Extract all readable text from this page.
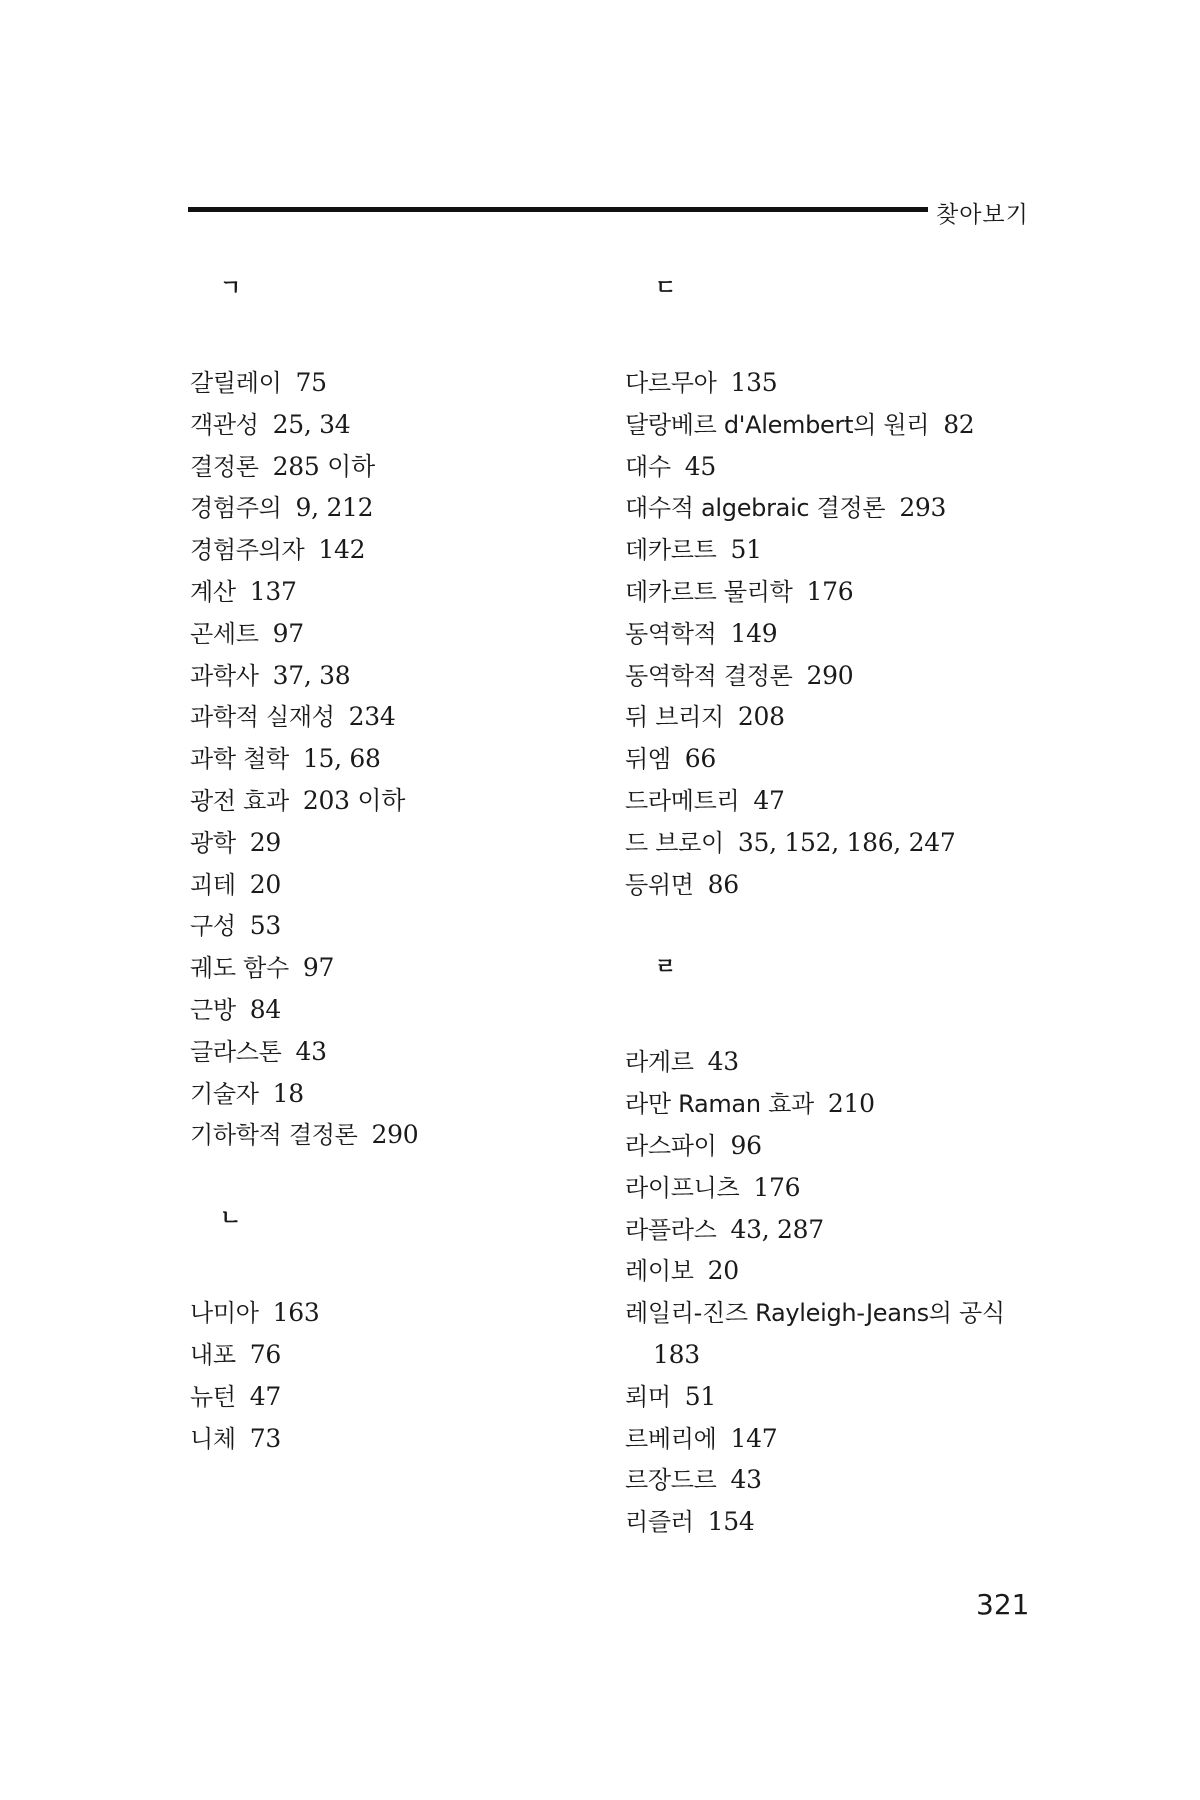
찾아보기
ㄱ
갈릴레이 75
객관성 25, 34
결정론 285 이하
경험주의 9, 212
경험주의자 142
계산 137
곤세트 97
과학사 37, 38
과학적 실재성 234
과학 철학 15, 68
광전 효과 203 이하
광학 29
괴테 20
구성 53
궤도 함수 97
근방 84
글라스톤 43
기술자 18
기하학적 결정론 290
ㄴ
나미아 163
내포 76
뉴턴 47
니체 73
ㄷ
다르무아 135
달랑베르 d'Alembert의 원리 82
대수 45
대수적 algebraic 결정론 293
데카르트 51
데카르트 물리학 176
동역학적 149
동역학적 결정론 290
뒤 브리지 208
뒤엠 66
드라메트리 47
드 브로이 35, 152, 186, 247
등위면 86
ㄹ
라게르 43
라만 Raman 효과 210
라스파이 96
라이프니츠 176
라플라스 43, 287
레이보 20
레일리-진즈 Rayleigh-Jeans의 공식
183
뢰머 51
르베리에 147
르장드르 43
리즐러 154
321
